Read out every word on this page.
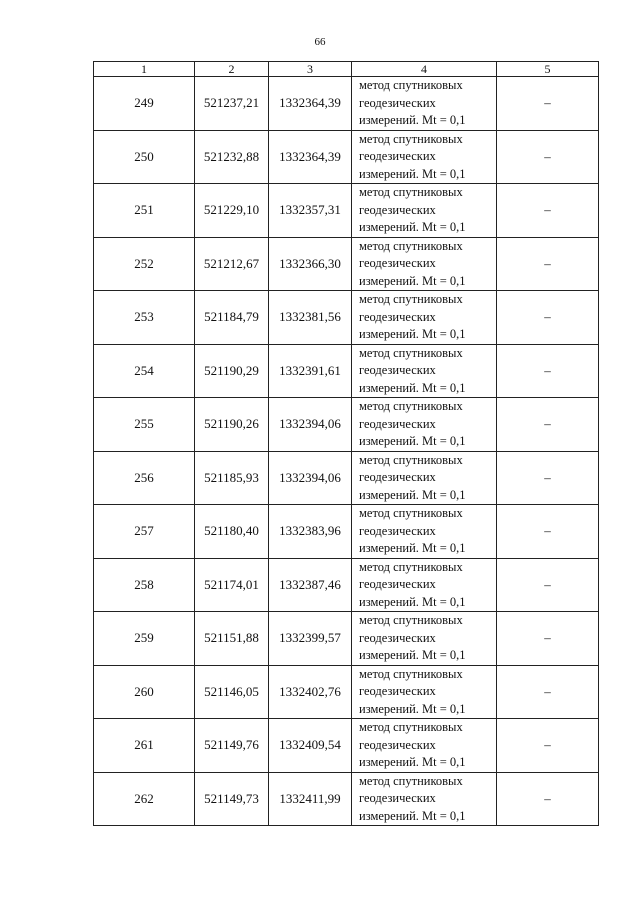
66
1	2	3	4	5
249	521237,21	1332364,39	метод спутниковых
геодезических
измерений. Mt = 0,1	–
250	521232,88	1332364,39	метод спутниковых
геодезических
измерений. Mt = 0,1	–
251	521229,10	1332357,31	метод спутниковых
геодезических
измерений. Mt = 0,1	–
252	521212,67	1332366,30	метод спутниковых
геодезических
измерений. Mt = 0,1	–
253	521184,79	1332381,56	метод спутниковых
геодезических
измерений. Mt = 0,1	–
254	521190,29	1332391,61	метод спутниковых
геодезических
измерений. Mt = 0,1	–
255	521190,26	1332394,06	метод спутниковых
геодезических
измерений. Mt = 0,1	–
256	521185,93	1332394,06	метод спутниковых
геодезических
измерений. Mt = 0,1	–
257	521180,40	1332383,96	метод спутниковых
геодезических
измерений. Mt = 0,1	–
258	521174,01	1332387,46	метод спутниковых
геодезических
измерений. Mt = 0,1	–
259	521151,88	1332399,57	метод спутниковых
геодезических
измерений. Mt = 0,1	–
260	521146,05	1332402,76	метод спутниковых
геодезических
измерений. Mt = 0,1	–
261	521149,76	1332409,54	метод спутниковых
геодезических
измерений. Mt = 0,1	–
262	521149,73	1332411,99	метод спутниковых
геодезических
измерений. Mt = 0,1	–
